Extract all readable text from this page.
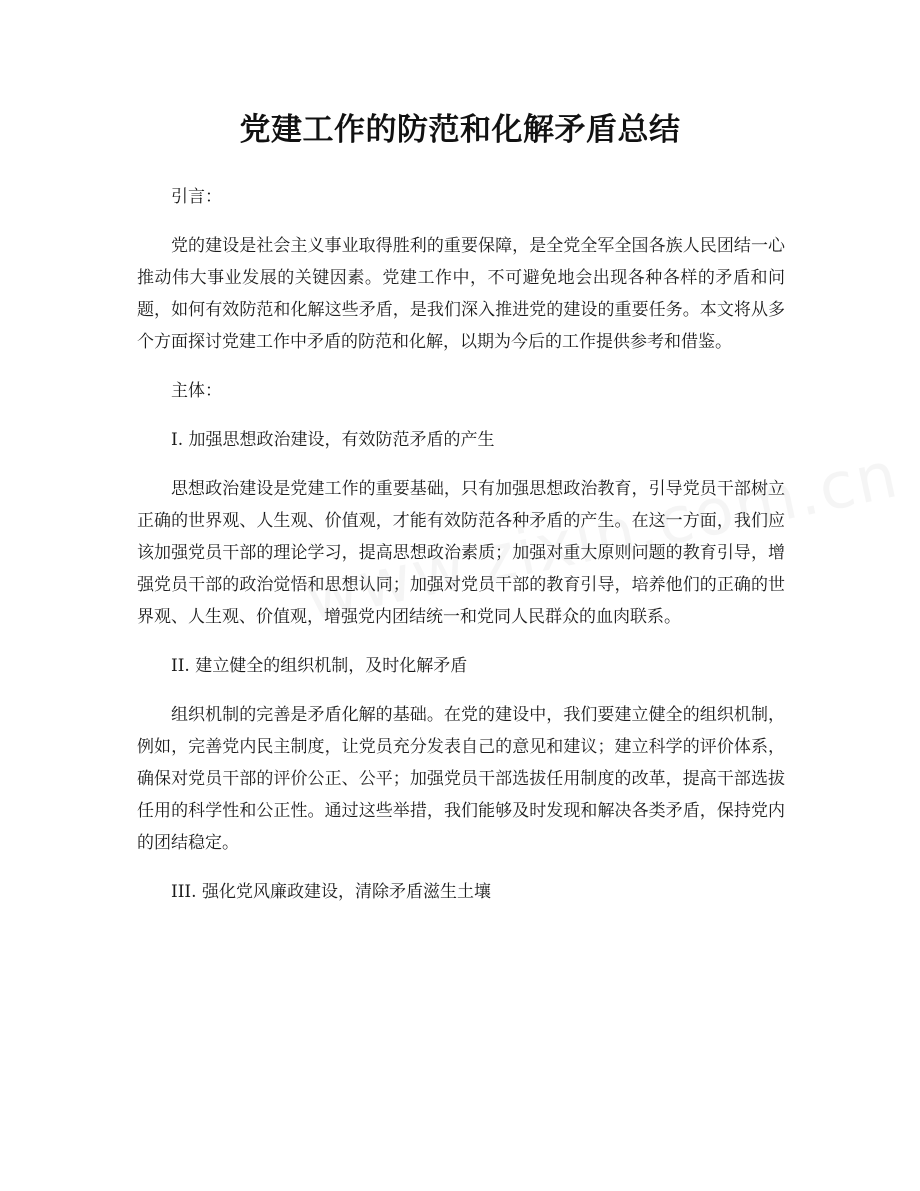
党建工作的防范和化解矛盾总结

引言：

党的建设是社会主义事业取得胜利的重要保障，是全党全军全国各族人民团结一心推动伟大事业发展的关键因素。党建工作中，不可避免地会出现各种各样的矛盾和问题，如何有效防范和化解这些矛盾，是我们深入推进党的建设的重要任务。本文将从多个方面探讨党建工作中矛盾的防范和化解，以期为今后的工作提供参考和借鉴。

主体：

I. 加强思想政治建设，有效防范矛盾的产生

思想政治建设是党建工作的重要基础，只有加强思想政治教育，引导党员干部树立正确的世界观、人生观、价值观，才能有效防范各种矛盾的产生。在这一方面，我们应该加强党员干部的理论学习，提高思想政治素质；加强对重大原则问题的教育引导，增强党员干部的政治觉悟和思想认同；加强对党员干部的教育引导，培养他们的正确的世界观、人生观、价值观，增强党内团结统一和党同人民群众的血肉联系。

II. 建立健全的组织机制，及时化解矛盾

组织机制的完善是矛盾化解的基础。在党的建设中，我们要建立健全的组织机制，例如，完善党内民主制度，让党员充分发表自己的意见和建议；建立科学的评价体系，确保对党员干部的评价公正、公平；加强党员干部选拔任用制度的改革，提高干部选拔任用的科学性和公正性。通过这些举措，我们能够及时发现和解决各类矛盾，保持党内的团结稳定。

III. 强化党风廉政建设，清除矛盾滋生土壤
